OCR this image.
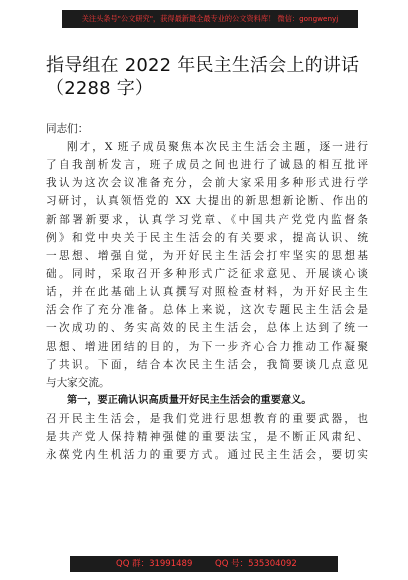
关注头条号"公文研究"，获得最新最全最专业的公文资料库！ 微信：gongwenyj
指导组在 2022 年民主生活会上的讲话
（2288 字）
同志们：
刚才，X 班子成员聚焦本次民主生活会主题，逐一进行
了自我剖析发言，班子成员之间也进行了诚恳的相互批评
我认为这次会议准备充分，会前大家采用多种形式进行学
习研讨，认真领悟党的 XX 大提出的新思想新论断、作出的
新部署新要求，认真学习党章、《中国共产党党内监督条
例》和党中央关于民主生活会的有关要求，提高认识、统
一思想、增强自觉，为开好民主生活会打牢坚实的思想基
础。同时，采取召开多种形式广泛征求意见、开展谈心谈
话，并在此基础上认真撰写对照检查材料，为开好民主生
活会作了充分准备。总体上来说，这次专题民主生活会是
一次成功的、务实高效的民主生活会，总体上达到了统一
思想、增进团结的目的，为下一步齐心合力推动工作凝聚
了共识。下面，结合本次民主生活会，我简要谈几点意见
与大家交流。
第一，要正确认识高质量开好民主生活会的重要意义。
召开民主生活会，是我们党进行思想教育的重要武器，也
是共产党人保持精神强健的重要法宝，是不断正风肃纪、
永葆党内生机活力的重要方式。通过民主生活会，要切实
QQ 群：31991489	QQ 号：535304092
